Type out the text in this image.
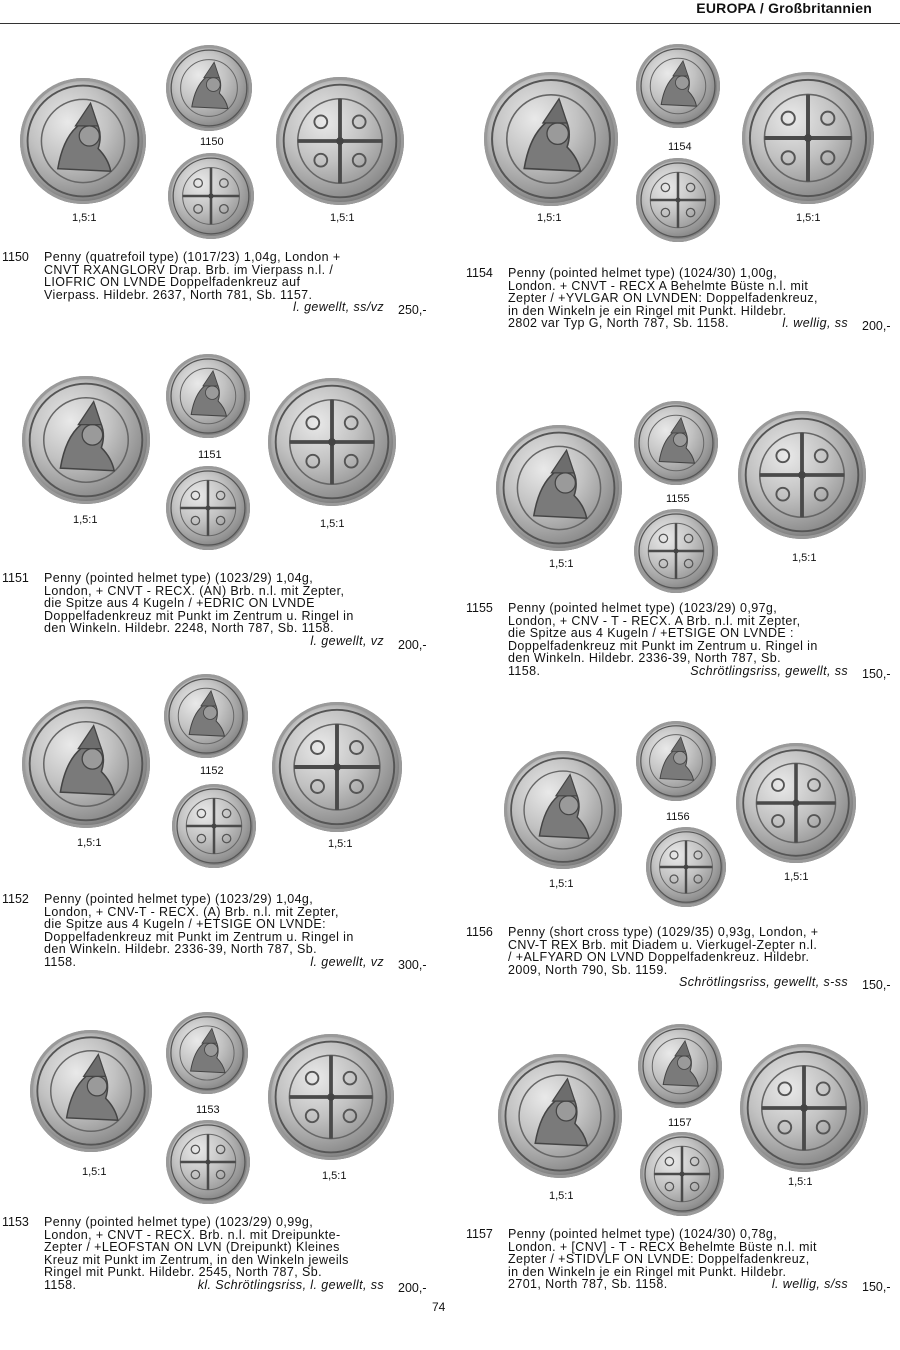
EUROPA / Großbritannien
1150
1,5:1	1,5:1
1150 Penny (quatrefoil type) (1017/23) 1,04g, London +
CNVT RXANGLORV Drap. Brb. im Vierpass n.l. /
LIOFRIC ON LVNDE Doppelfadenkreuz auf
Vierpass. Hildebr. 2637, North 781, Sb. 1157.
l. gewellt, ss/vz 250,-
1154
1,5:1	1,5:1
1154 Penny (pointed helmet type) (1024/30) 1,00g,
London. + CNVT - RECX A Behelmte Büste n.l. mit
Zepter / +YVLGAR ON LVNDEN: Doppelfadenkreuz,
in den Winkeln je ein Ringel mit Punkt. Hildebr.
2802 var Typ G, North 787, Sb. 1158.	l. wellig, ss 200,-
1151
1,5:1	1,5:1
1151 Penny (pointed helmet type) (1023/29) 1,04g,
London, + CNVT - RECX. (AN) Brb. n.l. mit Zepter,
die Spitze aus 4 Kugeln / +EDRIC ON LVNDE
Doppelfadenkreuz mit Punkt im Zentrum u. Ringel in
den Winkeln. Hildebr. 2248, North 787, Sb. 1158.
l. gewellt, vz 200,-
1155
1,5:1	1,5:1
1155 Penny (pointed helmet type) (1023/29) 0,97g,
London, + CNV - T - RECX. A Brb. n.l. mit Zepter,
die Spitze aus 4 Kugeln / +ETSIGE ON LVNDE :
Doppelfadenkreuz mit Punkt im Zentrum u. Ringel in
den Winkeln. Hildebr. 2336-39, North 787, Sb.
1158.	Schrötlingsriss, gewellt, ss 150,-
1152
1,5:1	1,5:1
1152 Penny (pointed helmet type) (1023/29) 1,04g,
London, + CNV-T - RECX. (A) Brb. n.l. mit Zepter,
die Spitze aus 4 Kugeln / +ETSIGE ON LVNDE:
Doppelfadenkreuz mit Punkt im Zentrum u. Ringel in
den Winkeln. Hildebr. 2336-39, North 787, Sb.
1158.	l. gewellt, vz 300,-
1156
1,5:1
1,5:1
1156 Penny (short cross type) (1029/35) 0,93g, London, +
CNV-T REX Brb. mit Diadem u. Vierkugel-Zepter n.l.
/ +ALFYARD ON LVND Doppelfadenkreuz. Hildebr.
2009, North 790, Sb. 1159.
Schrötlingsriss, gewellt, s-ss 150,-
1153
1,5:1	1,5:1
1153 Penny (pointed helmet type) (1023/29) 0,99g,
London, + CNVT - RECX. Brb. n.l. mit Dreipunkte-
Zepter / +LEOFSTAN ON LVN (Dreipunkt) Kleines
Kreuz mit Punkt im Zentrum, in den Winkeln jeweils
Ringel mit Punkt. Hildebr. 2545, North 787, Sb.
1158.	kl. Schrötlingsriss, l. gewellt, ss 200,-
1157
1,5:1
1,5:1
1157 Penny (pointed helmet type) (1024/30) 0,78g,
London. + [CNV] - T - RECX Behelmte Büste n.l. mit
Zepter / +STIDVLF ON LVNDE: Doppelfadenkreuz,
in den Winkeln je ein Ringel mit Punkt. Hildebr.
2701, North 787, Sb. 1158.	l. wellig, s/ss 150,-
74
